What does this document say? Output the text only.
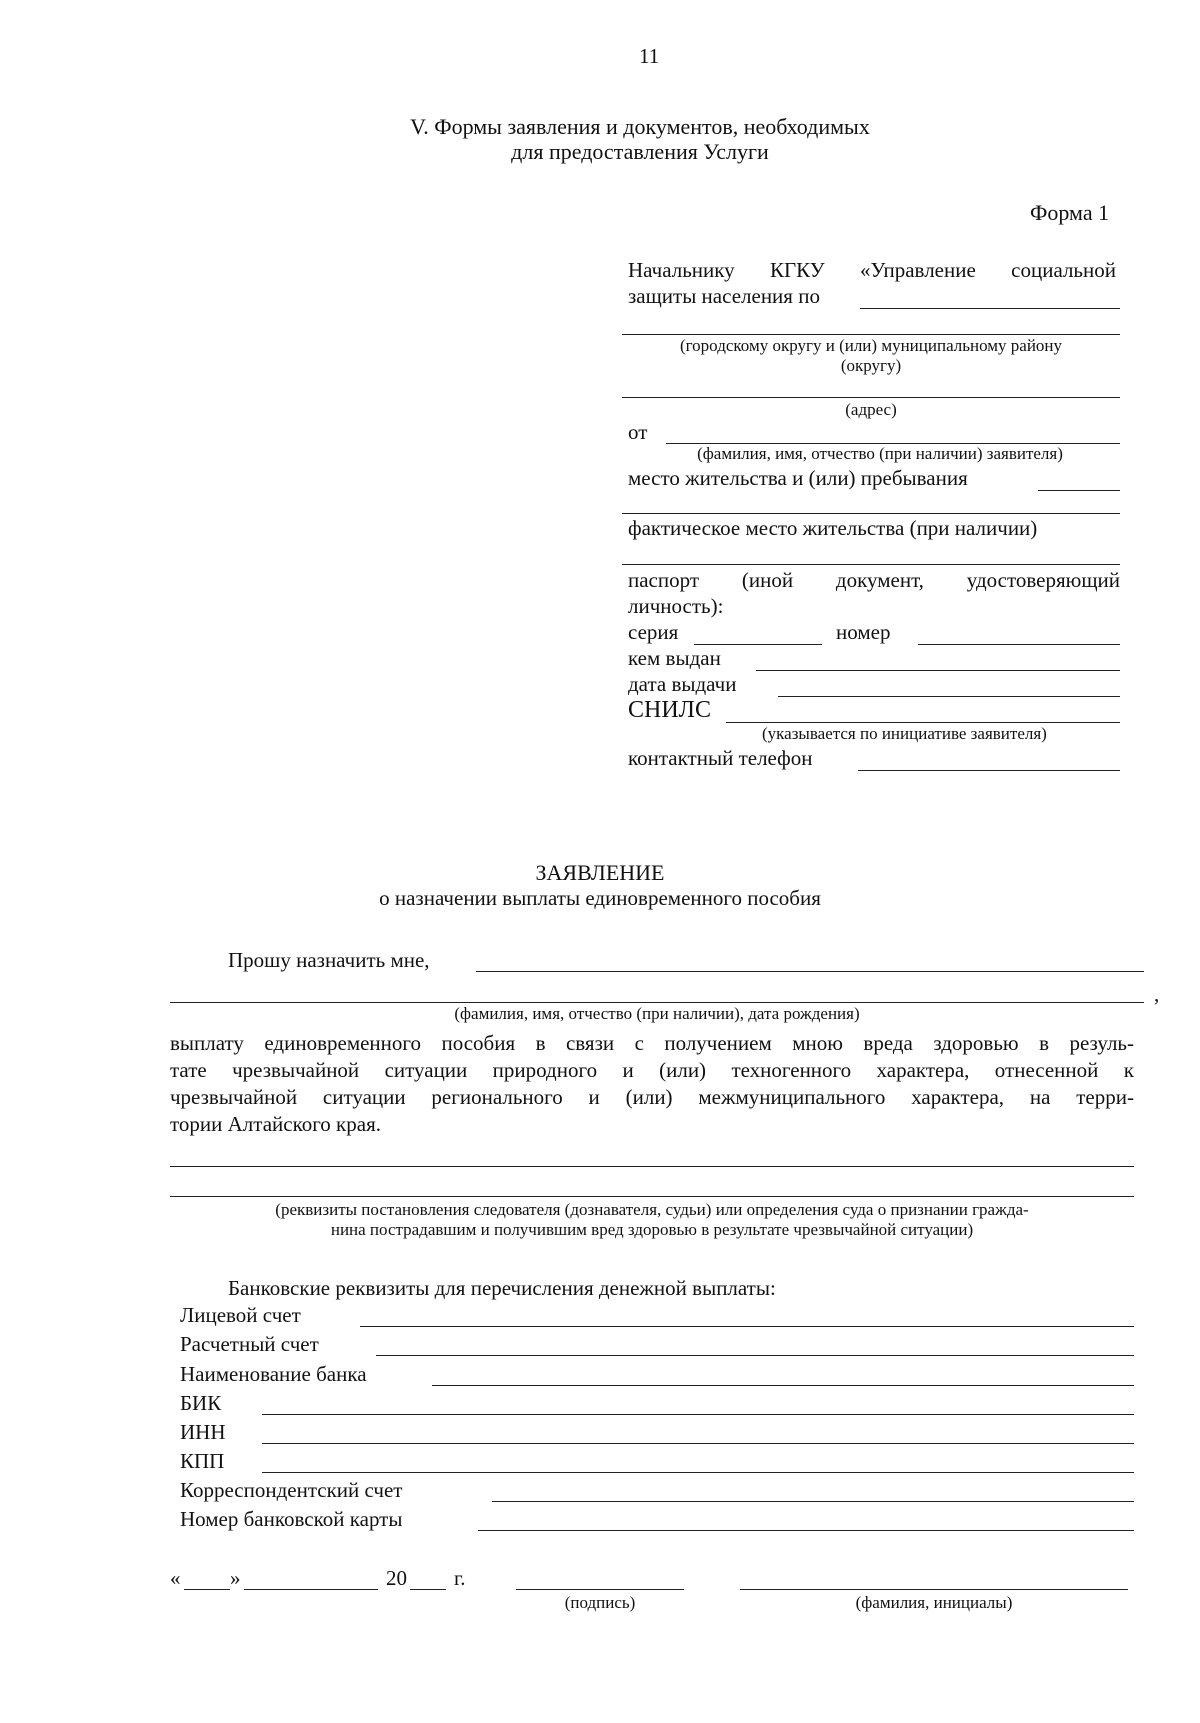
11
V. Формы заявления и документов, необходимых
для предоставления Услуги
Форма 1
Начальнику КГКУ «Управление социальной
защиты населения по
(городскому округу и (или) муниципальному району
(округу)
(адрес)
от
(фамилия, имя, отчество (при наличии) заявителя)
место жительства и (или) пребывания
фактическое место жительства (при наличии)
паспорт (иной документ, удостоверяющий
личность):
серия	номер
кем выдан
дата выдачи
СНИЛС
(указывается по инициативе заявителя)
контактный телефон
ЗАЯВЛЕНИЕ
о назначении выплаты единовременного пособия
Прошу назначить мне,
,
(фамилия, имя, отчество (при наличии), дата рождения)
выплату единовременного пособия в связи с получением мною вреда здоровью в резуль-
тате чрезвычайной ситуации природного и (или) техногенного характера, отнесенной к
чрезвычайной ситуации регионального и (или) межмуниципального характера, на терри-
тории Алтайского края.
(реквизиты постановления следователя (дознавателя, судьи) или определения суда о признании гражда-
нина пострадавшим и получившим вред здоровью в результате чрезвычайной ситуации)
Банковские реквизиты для перечисления денежной выплаты:
Лицевой счет
Расчетный счет
Наименование банка
БИК
ИНН
КПП
Корреспондентский счет
Номер банковской карты
« »	20 г.
(подпись)	(фамилия, инициалы)
